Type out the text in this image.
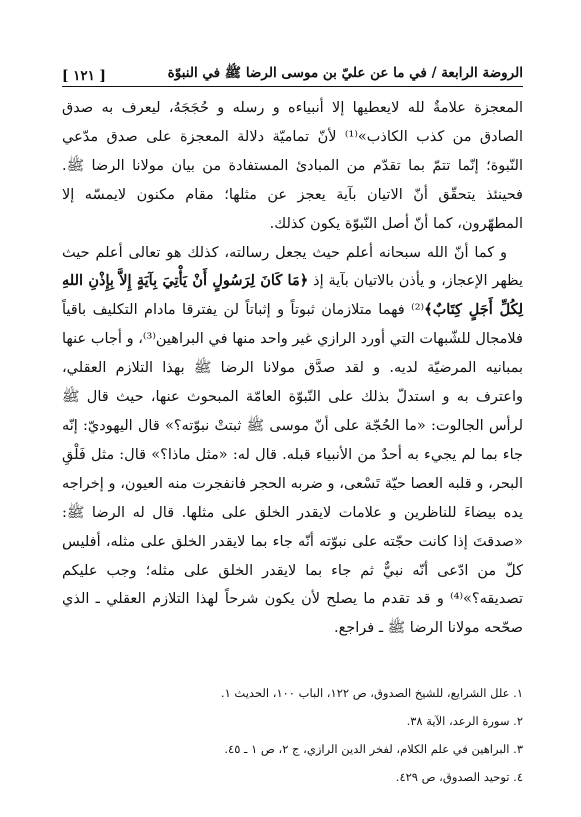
الروضة الرابعة / في ما عن عليّ بن موسى الرضا ﷺ في النبوّة
[ ١٢١ ]

المعجزة علامةٌ لله لايعطيها إلا أنبياءه و رسله و حُجَجَهُ، ليعرف به صدق الصادق من كذب الكاذب»⁽¹⁾ لأنّ تماميّة دلالة المعجزة على صدق مدّعي النّبوة؛ إنّما تتمّ بما تقدّم من المبادئ المستفادة من بيان مولانا الرضا ﷺ. فحينئذ يتحقّق أنّ الاتيان بآية يعجز عن مثلها؛ مقام مكنون لايمسّه إلا المطهّرون، كما أنّ أصل النّبوّة يكون كذلك.

و كما أنّ الله سبحانه أعلم حيث يجعل رسالته، كذلك هو تعالى أعلم حيث يظهر الإعجاز، و يأذن بالاتيان بآية إذ ﴿مَا كَانَ لِرَسُولٍ أَنْ يَأْتِيَ بِآيَةٍ إِلاَّ بِإِذْنِ اللهِ لِكُلِّ أَجَلٍ كِتَابٌ﴾⁽²⁾ فهما متلازمان ثبوتاً و إثباتاً لن يفترقا مادام التكليف باقياً فلامجال للشّبهات التي أورد الرازي غير واحد منها في البراهين⁽³⁾، و أجاب عنها بمبانيه المرضيّة لديه. و لقد صدَّق مولانا الرضا ﷺ بهذا التلازم العقلي، واعترف به و استدلّ بذلك على النّبوّة العامّة المبحوث عنها، حيث قال ﷺ لرأس الجالوت: «ما الحُجّة على أنّ موسى ﷺ ثبتتْ نبوّته؟» قال اليهوديّ: إنّه جاء بما لم يجيء به أحدٌ من الأنبياء قبله. قال له: «مثل ماذا؟» قال: مثل فَلْقِ البحر، و قلبه العصا حيّة تَسْعى، و ضربه الحجر فانفجرت منه العيون، و إخراجه يده بيضاءَ للناظرين و علامات لايقدر الخلق على مثلها. قال له الرضا ﷺ: «صدقتَ إذا كانت حجّته على نبوّته أنّه جاء بما لايقدر الخلق على مثله، أفليس كلّ من ادّعى أنّه نبيٌّ ثم جاء بما لايقدر الخلق على مثله؛ وجب عليكم تصديقه؟»⁽⁴⁾ و قد تقدم ما يصلح لأن يكون شرحاً لهذا التلازم العقلي ـ الذي صحّحه مولانا الرضا ﷺ ـ فراجع.

١. علل الشرايع، للشيخ الصدوق، ص ١٢٢، الباب ١٠٠، الحديث ١.
٢. سورة الرعد، الآية ٣٨.
٣. البراهين في علم الكلام، لفخر الدين الرازي، ج ٢، ص ١ ـ ٤٥.
٤. توحيد الصدوق، ص ٤٢٩.
